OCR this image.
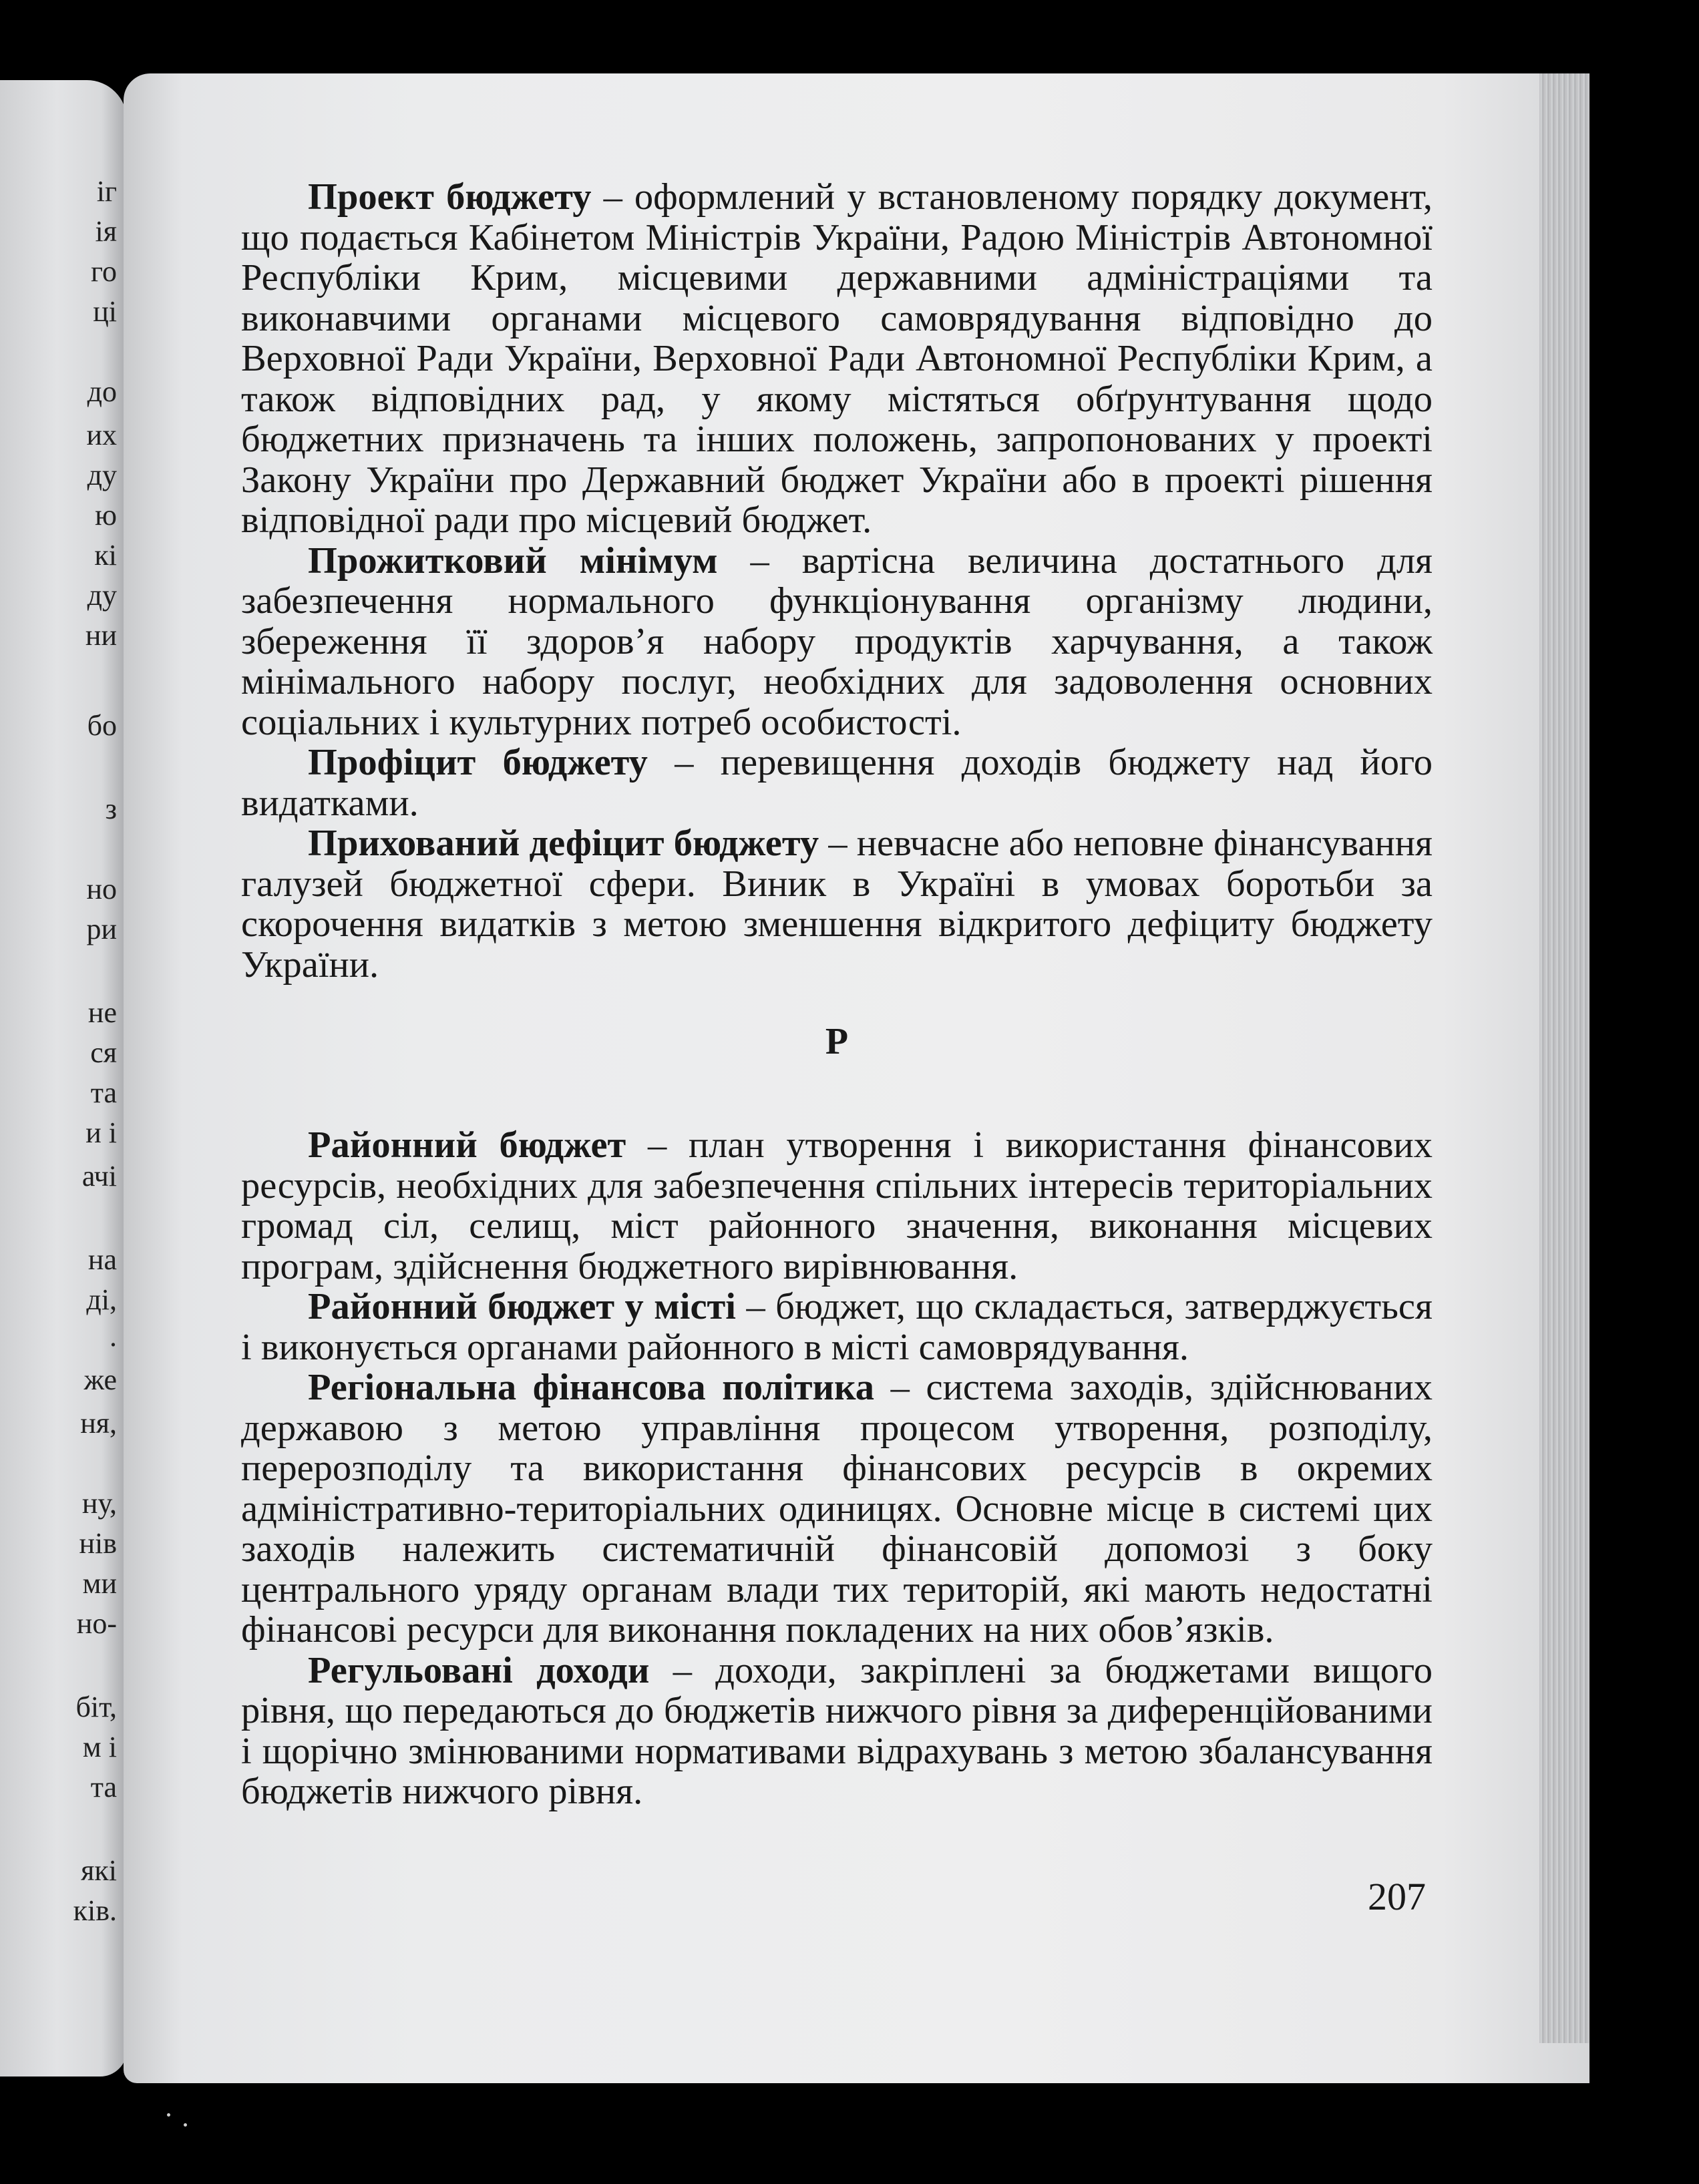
іг
ія
го
ці
до
их
ду
ю
кі
ду
ни
бо
з
но
ри
не
ся
та
и і
ачі
на
ді,
.
же
ня,
ну,
нів
ми
но-
біт,
м і
та
які
ків.

Проект бюджету – оформлений у встановленому порядку документ, що подається Кабінетом Міністрів України, Радою Міністрів Автономної Республіки Крим, місцевими державними адміністраціями та виконавчими органами місцевого самоврядування відповідно до Верховної Ради України, Верховної Ради Автономної Республіки Крим, а також відповідних рад, у якому містяться обґрунтування щодо бюджетних призначень та інших положень, запропонованих у проекті Закону України про Державний бюджет України або в проекті рішення відповідної ради про місцевий бюджет.

Прожитковий мінімум – вартісна величина достатнього для забезпечення нормального функціонування організму людини, збереження її здоров’я набору продуктів харчування, а також мінімального набору послуг, необхідних для задоволення основних соціальних і культурних потреб особистості.

Профіцит бюджету – перевищення доходів бюджету над його видатками.

Прихований дефіцит бюджету – невчасне або неповне фінансування галузей бюджетної сфери. Виник в Україні в умовах боротьби за скорочення видатків з метою зменшення відкритого дефіциту бюджету України.

Р

Районний бюджет – план утворення і використання фінансових ресурсів, необхідних для забезпечення спільних інтересів територіальних громад сіл, селищ, міст районного значення, виконання місцевих програм, здійснення бюджетного вирівнювання.

Районний бюджет у місті – бюджет, що складається, затверджується і виконується органами районного в місті самоврядування.

Регіональна фінансова політика – система заходів, здійснюваних державою з метою управління процесом утворення, розподілу, перерозподілу та використання фінансових ресурсів в окремих адміністративно-територіальних одиницях. Основне місце в системі цих заходів належить систематичній фінансовій допомозі з боку центрального уряду органам влади тих територій, які мають недостатні фінансові ресурси для виконання покладених на них обов’язків.

Регульовані доходи – доходи, закріплені за бюджетами вищого рівня, що передаються до бюджетів нижчого рівня за диференційованими і щорічно змінюваними нормативами відрахувань з метою збалансування бюджетів нижчого рівня.

207
